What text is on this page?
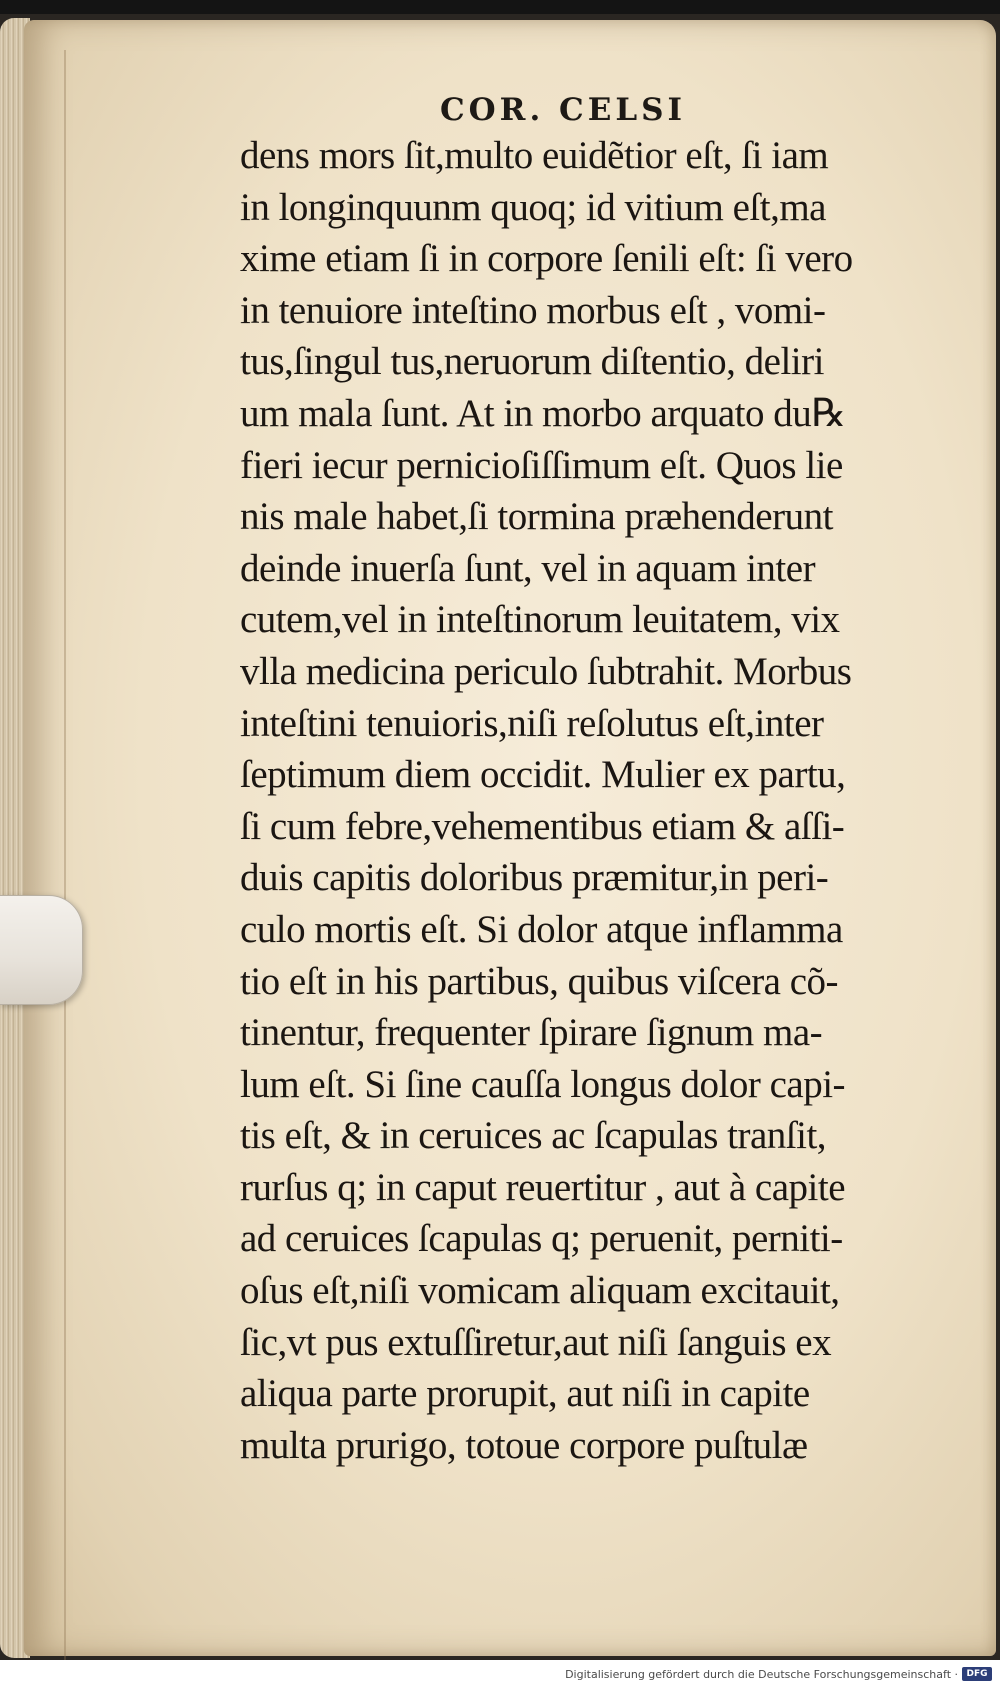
COR. CELSI
dens mors ſit,multo euidẽtior eſt, ſi iam
in longinquunm quoq; id vitium eſt,ma
xime etiam ſi in corpore ſenili eſt: ſi vero
in tenuiore inteſtino morbus eſt , vomi-
tus,ſingul tus,neruorum diſtentio, deliri
um mala ſunt. At in morbo arquato du℞
fieri iecur pernicioſiſſimum eſt. Quos lie
nis male habet,ſi tormina præhenderunt
deinde inuerſa ſunt, vel in aquam inter
cutem,vel in inteſtinorum leuitatem, vix
vlla medicina periculo ſubtrahit. Morbus
inteſtini tenuioris,niſi reſolutus eſt,inter
ſeptimum diem occidit. Mulier ex partu,
ſi cum febre,vehementibus etiam & aſſi-
duis capitis doloribus præmitur,in peri-
culo mortis eſt. Si dolor atque inflamma
tio eſt in his partibus, quibus viſcera cõ-
tinentur, frequenter ſpirare ſignum ma-
lum eſt. Si ſine cauſſa longus dolor capi-
tis eſt, & in ceruices ac ſcapulas tranſit,
rurſus q; in caput reuertitur , aut à capite
ad ceruices ſcapulas q; peruenit, perniti-
oſus eſt,niſi vomicam aliquam excitauit,
ſic,vt pus extuſſiretur,aut niſi ſanguis ex
aliqua parte prorupit, aut niſi in capite
multa prurigo, totoue corpore puſtulæ
Digitalisierung gefördert durch die Deutsche Forschungsgemeinschaft · DFG
